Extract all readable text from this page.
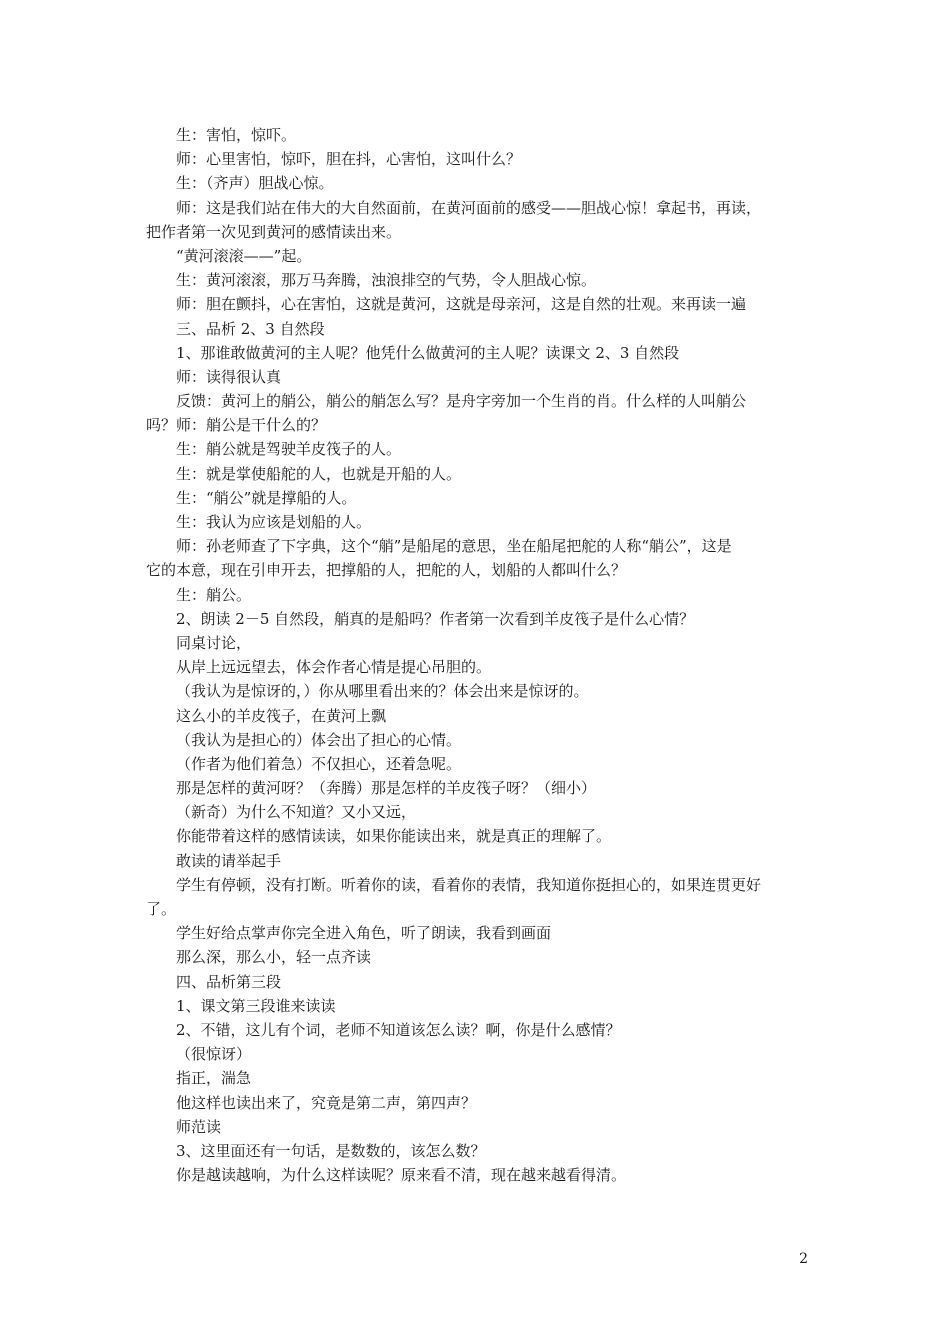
生：害怕，惊吓。
师：心里害怕，惊吓，胆在抖，心害怕，这叫什么？
生：（齐声）胆战心惊。
师：这是我们站在伟大的大自然面前，在黄河面前的感受——胆战心惊！拿起书，再读，
把作者第一次见到黄河的感情读出来。
“黄河滚滚——”起。
生：黄河滚滚，那万马奔腾，浊浪排空的气势，令人胆战心惊。
师：胆在颤抖，心在害怕，这就是黄河，这就是母亲河，这是自然的壮观。来再读一遍
三、品析 2、3 自然段
1、那谁敢做黄河的主人呢？他凭什么做黄河的主人呢？读课文 2、3 自然段
师：读得很认真
反馈：黄河上的艄公，艄公的艄怎么写？是舟字旁加一个生肖的肖。什么样的人叫艄公
吗？师：艄公是干什么的？
生：艄公就是驾驶羊皮筏子的人。
生：就是掌使船舵的人，也就是开船的人。
生：“艄公”就是撑船的人。
生：我认为应该是划船的人。
师：孙老师查了下字典，这个“艄”是船尾的意思，坐在船尾把舵的人称“艄公”，这是
它的本意，现在引申开去，把撑船的人，把舵的人，划船的人都叫什么？
生：艄公。
2、朗读 2－5 自然段，艄真的是船吗？作者第一次看到羊皮筏子是什么心情？
同桌讨论，
从岸上远远望去，体会作者心情是提心吊胆的。
（我认为是惊讶的，）你从哪里看出来的？体会出来是惊讶的。
这么小的羊皮筏子，在黄河上飘
（我认为是担心的）体会出了担心的心情。
（作者为他们着急）不仅担心，还着急呢。
那是怎样的黄河呀？（奔腾）那是怎样的羊皮筏子呀？（细小）
（新奇）为什么不知道？又小又远，
你能带着这样的感情读读，如果你能读出来，就是真正的理解了。
敢读的请举起手
学生有停顿，没有打断。听着你的读，看着你的表情，我知道你挺担心的，如果连贯更好
了。
学生好给点掌声你完全进入角色，听了朗读，我看到画面
那么深，那么小，轻一点齐读
四、品析第三段
1、课文第三段谁来读读
2、不错，这儿有个词，老师不知道该怎么读？啊，你是什么感情？
（很惊讶）
指正，湍急
他这样也读出来了，究竟是第二声，第四声？
师范读
3、这里面还有一句话，是数数的，该怎么数？
你是越读越响，为什么这样读呢？原来看不清，现在越来越看得清。
2
